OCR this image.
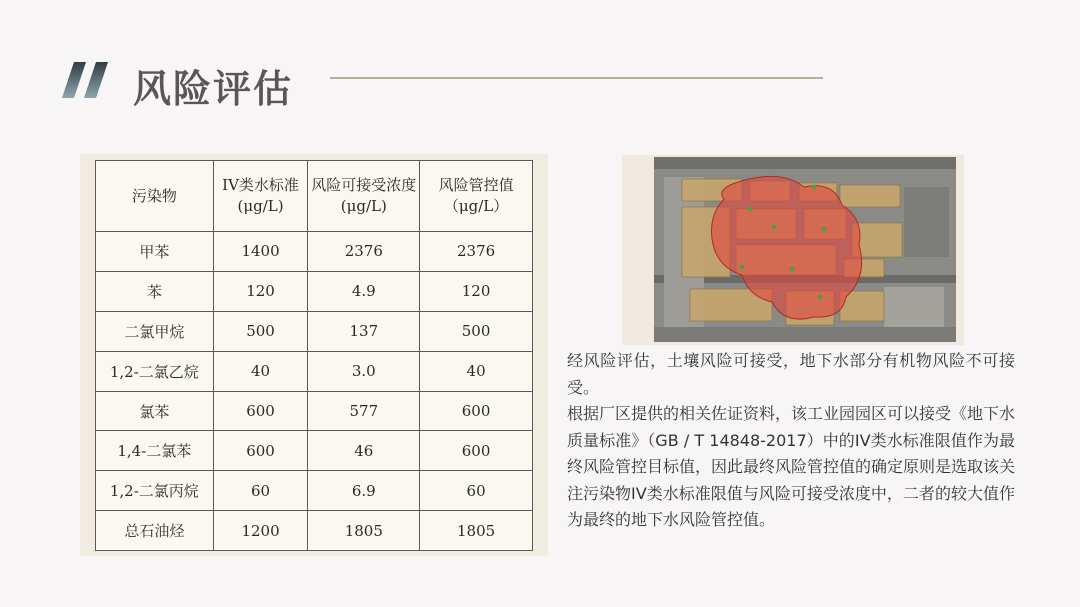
风险评估
污染物	IV类水标准(μg/L)	风险可接受浓度(μg/L)	风险管控值（μg/L）
甲苯	1400	2376	2376
苯	120	4.9	120
二氯甲烷	500	137	500
1,2-二氯乙烷	40	3.0	40
氯苯	600	577	600
1,4-二氯苯	600	46	600
1,2-二氯丙烷	60	6.9	60
总石油烃	1200	1805	1805

经风险评估，土壤风险可接受，地下水部分有机物风险不可接受。

根据厂区提供的相关佐证资料，该工业园园区可以接受《地下水质量标准》（GB / T 14848-2017）中的IV类水标准限值作为最终风险管控目标值，因此最终风险管控值的确定原则是选取该关注污染物IV类水标准限值与风险可接受浓度中，二者的较大值作为最终的地下水风险管控值。
